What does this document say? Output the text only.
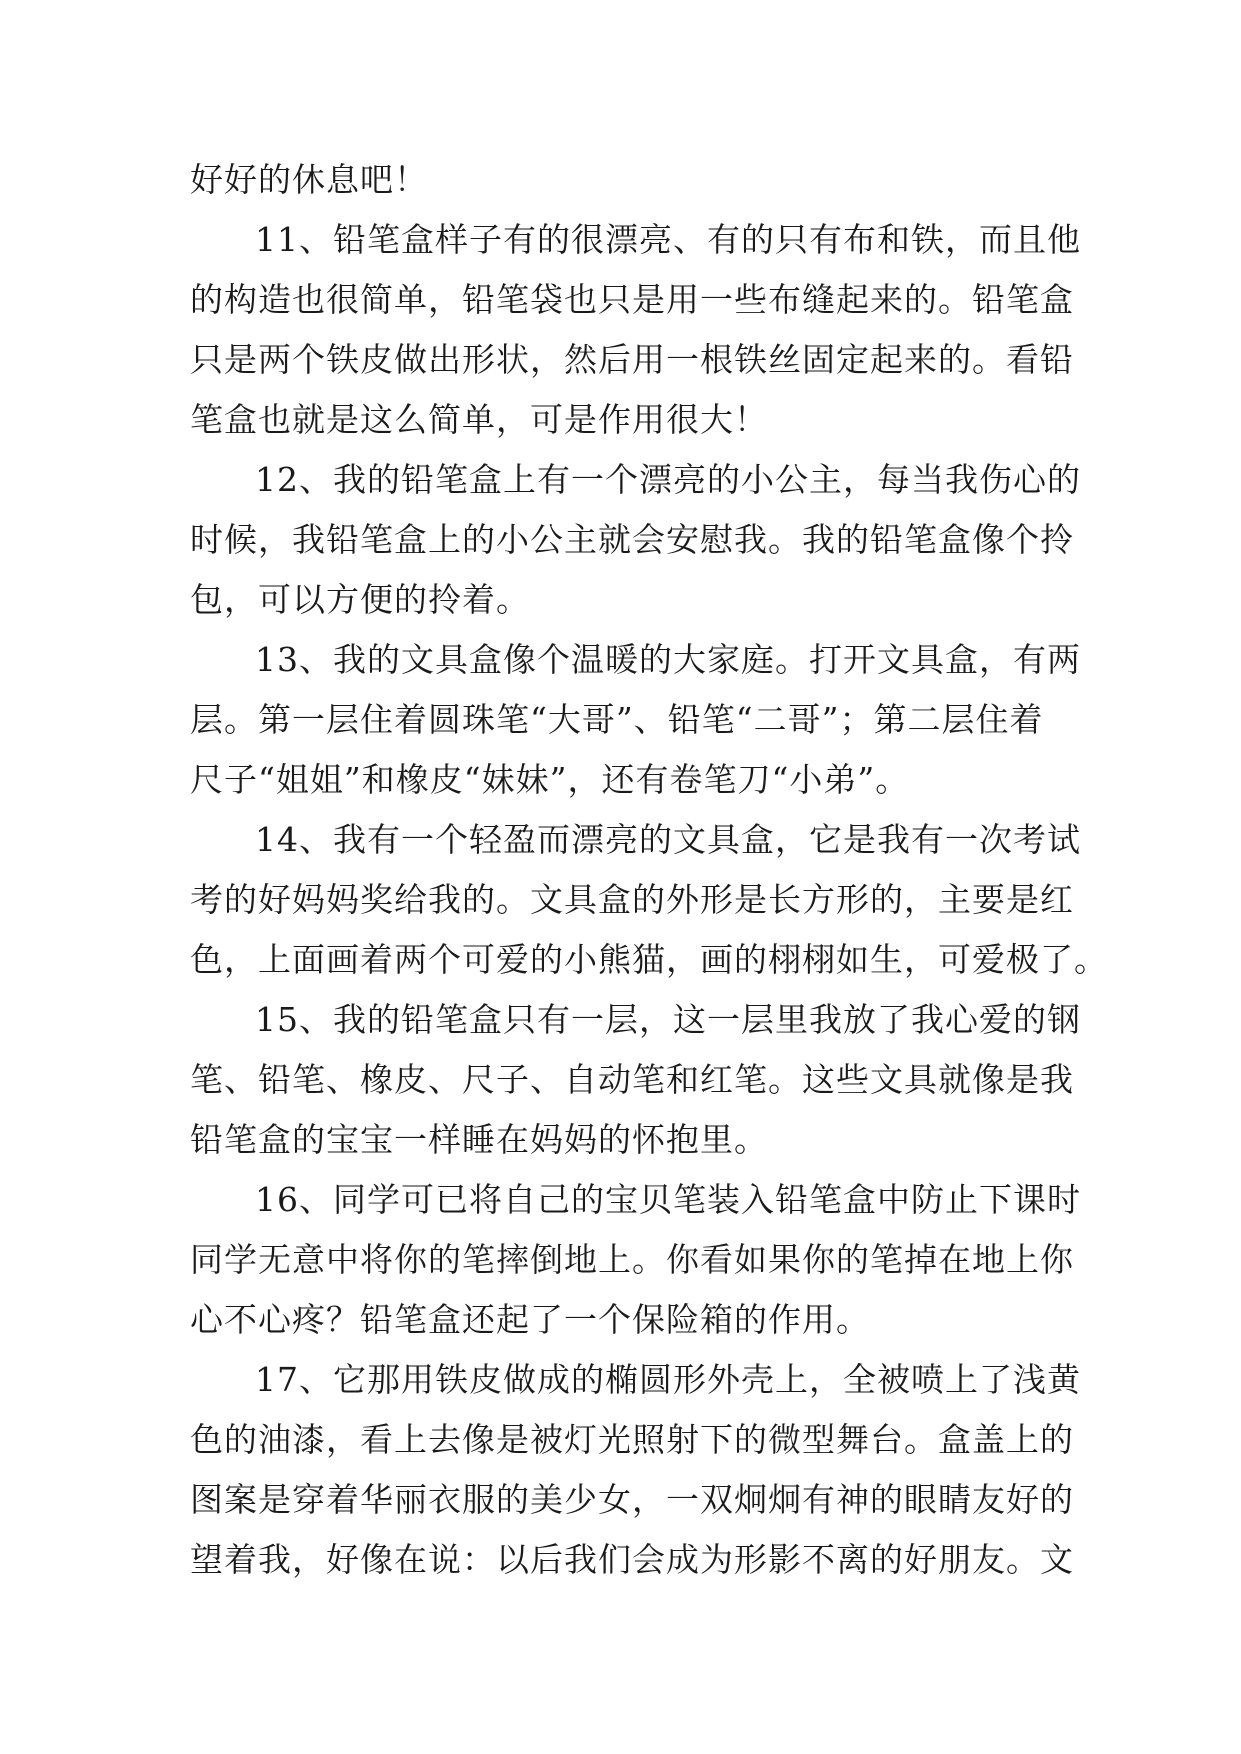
好好的休息吧！
11、铅笔盒样子有的很漂亮、有的只有布和铁，而且他
的构造也很简单，铅笔袋也只是用一些布缝起来的。铅笔盒
只是两个铁皮做出形状，然后用一根铁丝固定起来的。看铅
笔盒也就是这么简单，可是作用很大！
12、我的铅笔盒上有一个漂亮的小公主，每当我伤心的
时候，我铅笔盒上的小公主就会安慰我。我的铅笔盒像个拎
包，可以方便的拎着。
13、我的文具盒像个温暖的大家庭。打开文具盒，有两
层。第一层住着圆珠笔“大哥”、铅笔“二哥”；第二层住着
尺子“姐姐”和橡皮“妹妹”，还有卷笔刀“小弟”。
14、我有一个轻盈而漂亮的文具盒，它是我有一次考试
考的好妈妈奖给我的。文具盒的外形是长方形的，主要是红
色，上面画着两个可爱的小熊猫，画的栩栩如生，可爱极了。
15、我的铅笔盒只有一层，这一层里我放了我心爱的钢
笔、铅笔、橡皮、尺子、自动笔和红笔。这些文具就像是我
铅笔盒的宝宝一样睡在妈妈的怀抱里。
16、同学可已将自己的宝贝笔装入铅笔盒中防止下课时
同学无意中将你的笔摔倒地上。你看如果你的笔掉在地上你
心不心疼？铅笔盒还起了一个保险箱的作用。
17、它那用铁皮做成的椭圆形外壳上，全被喷上了浅黄
色的油漆，看上去像是被灯光照射下的微型舞台。盒盖上的
图案是穿着华丽衣服的美少女，一双炯炯有神的眼睛友好的
望着我，好像在说：以后我们会成为形影不离的好朋友。文
